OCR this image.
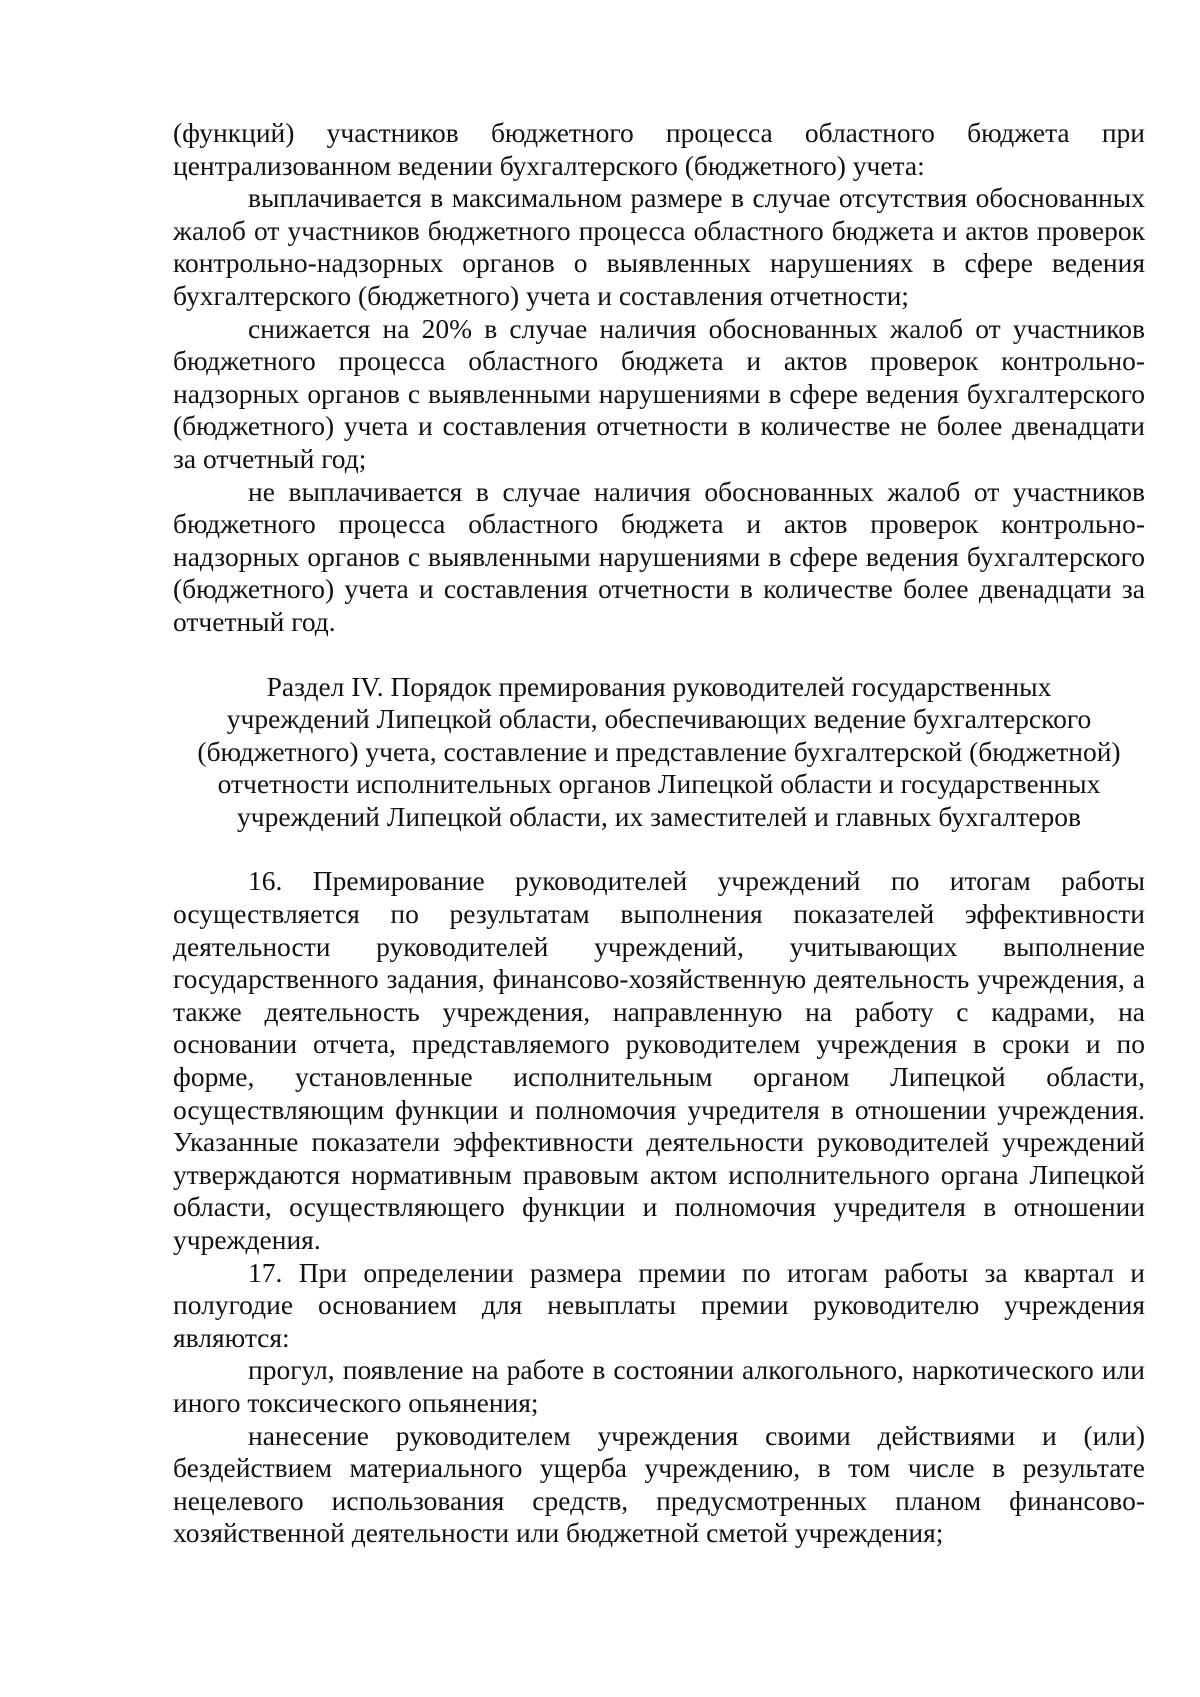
(функций) участников бюджетного процесса областного бюджета при централизованном ведении бухгалтерского (бюджетного) учета:

выплачивается в максимальном размере в случае отсутствия обоснованных жалоб от участников бюджетного процесса областного бюджета и актов проверок контрольно-надзорных органов о выявленных нарушениях в сфере ведения бухгалтерского (бюджетного) учета и составления отчетности;

снижается на 20% в случае наличия обоснованных жалоб от участников бюджетного процесса областного бюджета и актов проверок контрольно-надзорных органов с выявленными нарушениями в сфере ведения бухгалтерского (бюджетного) учета и составления отчетности в количестве не более двенадцати за отчетный год;

не выплачивается в случае наличия обоснованных жалоб от участников бюджетного процесса областного бюджета и актов проверок контрольно-надзорных органов с выявленными нарушениями в сфере ведения бухгалтерского (бюджетного) учета и составления отчетности в количестве более двенадцати за отчетный год.

Раздел IV. Порядок премирования руководителей государственных
учреждений Липецкой области, обеспечивающих ведение бухгалтерского
(бюджетного) учета, составление и представление бухгалтерской (бюджетной)
отчетности исполнительных органов Липецкой области и государственных
учреждений Липецкой области, их заместителей и главных бухгалтеров

16. Премирование руководителей учреждений по итогам работы осуществляется по результатам выполнения показателей эффективности деятельности руководителей учреждений, учитывающих выполнение государственного задания, финансово-хозяйственную деятельность учреждения, а также деятельность учреждения, направленную на работу с кадрами, на основании отчета, представляемого руководителем учреждения в сроки и по форме, установленные исполнительным органом Липецкой области, осуществляющим функции и полномочия учредителя в отношении учреждения. Указанные показатели эффективности деятельности руководителей учреждений утверждаются нормативным правовым актом исполнительного органа Липецкой области, осуществляющего функции и полномочия учредителя в отношении учреждения.

17. При определении размера премии по итогам работы за квартал и полугодие основанием для невыплаты премии руководителю учреждения являются:

прогул, появление на работе в состоянии алкогольного, наркотического или иного токсического опьянения;

нанесение руководителем учреждения своими действиями и (или) бездействием материального ущерба учреждению, в том числе в результате нецелевого использования средств, предусмотренных планом финансово-хозяйственной деятельности или бюджетной сметой учреждения;
